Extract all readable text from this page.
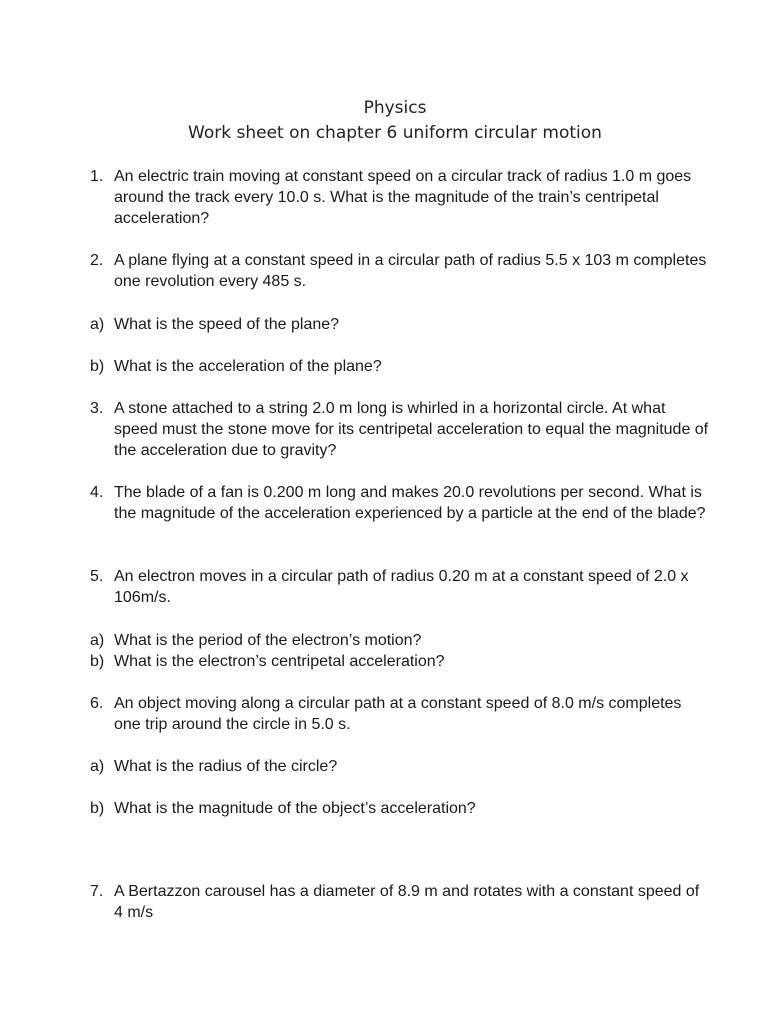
Physics
Work sheet on chapter 6 uniform circular motion
1. An electric train moving at constant speed on a circular track of radius 1.0 m goes around the track every 10.0 s. What is the magnitude of the train’s centripetal acceleration?
2. A plane flying at a constant speed in a circular path of radius 5.5 x 103 m completes one revolution every 485 s.
a) What is the speed of the plane?
b) What is the acceleration of the plane?
3. A stone attached to a string 2.0 m long is whirled in a horizontal circle. At what speed must the stone move for its centripetal acceleration to equal the magnitude of the acceleration due to gravity?
4. The blade of a fan is 0.200 m long and makes 20.0 revolutions per second. What is the magnitude of the acceleration experienced by a particle at the end of the blade?
5. An electron moves in a circular path of radius 0.20 m at a constant speed of 2.0 x 106m/s.
a) What is the period of the electron’s motion?
b) What is the electron’s centripetal acceleration?
6. An object moving along a circular path at a constant speed of 8.0 m/s completes one trip around the circle in 5.0 s.
a) What is the radius of the circle?
b) What is the magnitude of the object’s acceleration?
7. A Bertazzon carousel has a diameter of 8.9 m and rotates with a constant speed of 4 m/s
